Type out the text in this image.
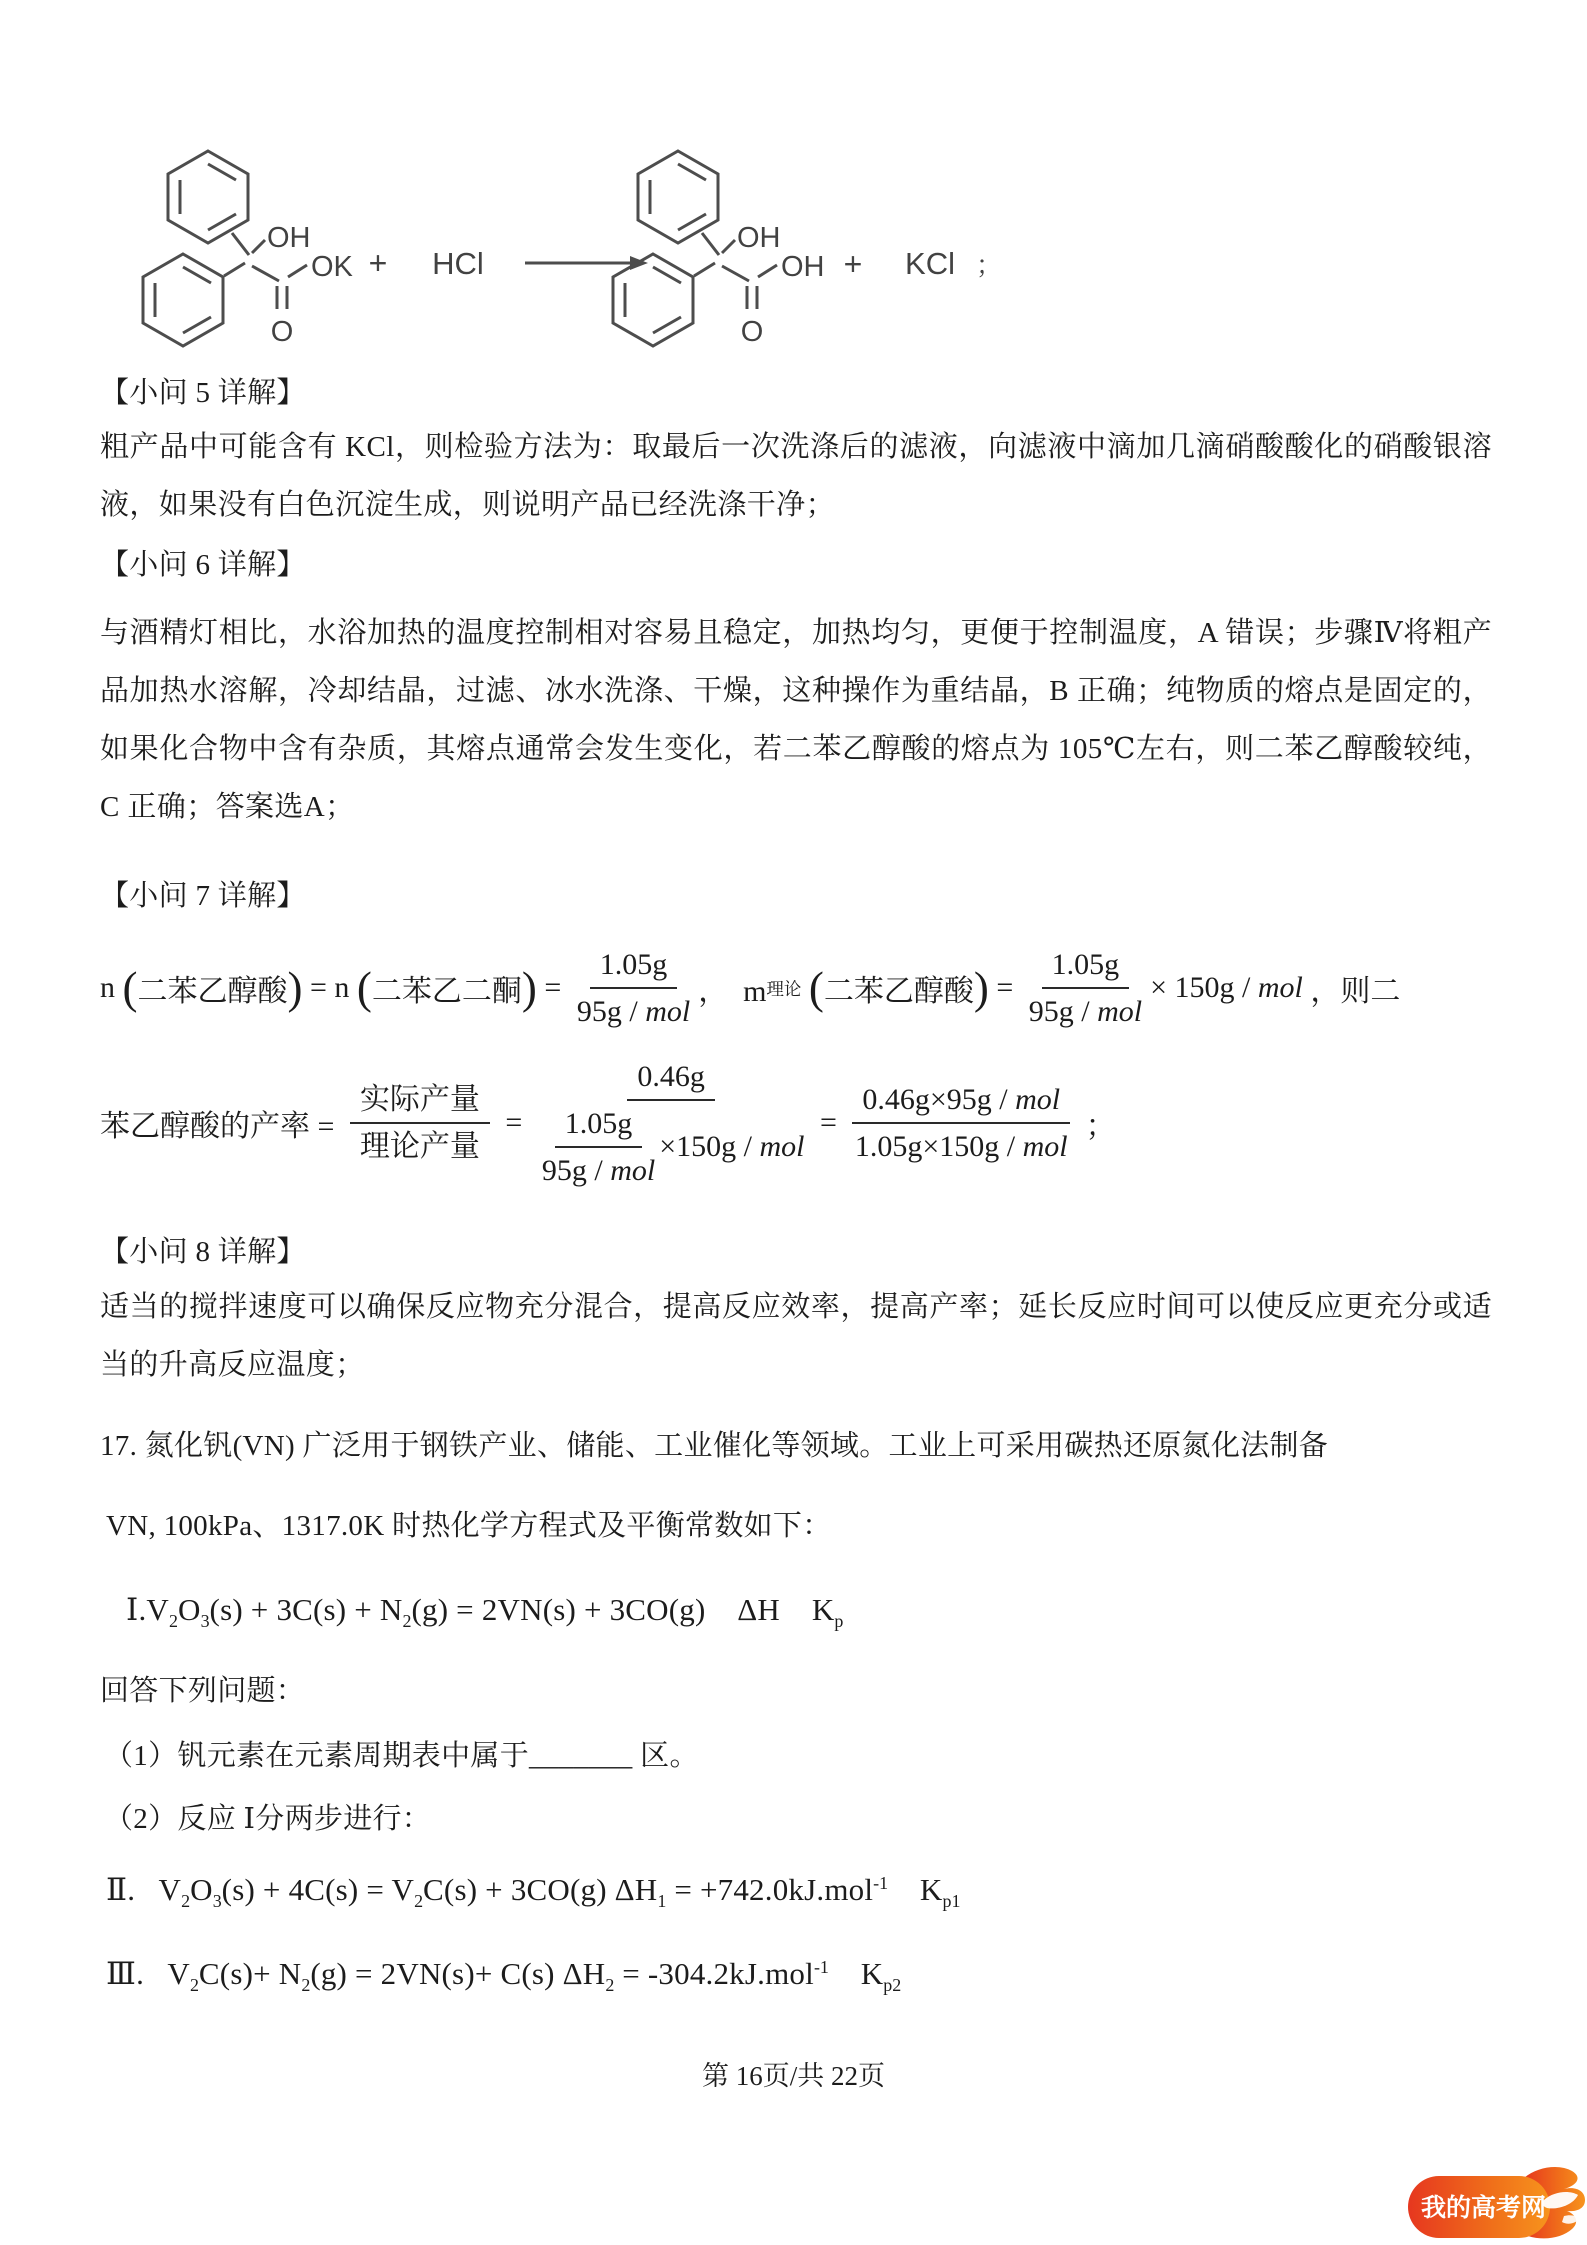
OH
O
OK + HCl
OH
O
OH + KCl ；
【小问 5 详解】
粗产品中可能含有 KCl，则检验方法为：取最后一次洗涤后的滤液，向滤液中滴加几滴硝酸酸化的硝酸银溶液，如果没有白色沉淀生成，则说明产品已经洗涤干净；
【小问 6 详解】
与酒精灯相比，水浴加热的温度控制相对容易且稳定，加热均匀，更便于控制温度，A 错误；步骤Ⅳ将粗产品加热水溶解，冷却结晶，过滤、冰水洗涤、干燥，这种操作为重结晶，B 正确；纯物质的熔点是固定的，如果化合物中含有杂质，其熔点通常会发生变化，若二苯乙醇酸的熔点为 105℃左右，则二苯乙醇酸较纯，C 正确；答案选A；
【小问 7 详解】
n ( 二苯乙醇酸 ) = n ( 二苯乙二酮 ) = $\frac{1.05g}{\text{95g / mol}}$ ，  m 理论
( 二苯乙醇酸 ) = $\frac{1.05g}{\text{95g / mol}} \times 150g$ / mol ，则二
苯乙醇酸的产率 = $\frac{\text{实际产量}}{\text{理论产量}} = \frac{0.46g}{\frac{1.05g}{\text{95g / mol}} \times 150g / mol} = \frac{\text{0.46g×95g / mol}}{\text{1.05g×150g / mol}}$ ；
【小问 8 详解】
适当的搅拌速度可以确保反应物充分混合，提高反应效率，提高产率；延长反应时间可以使反应更充分或适当的升高反应温度；
17. 氮化钒(VN) 广泛用于钢铁产业、储能、工业催化等领域。工业上可采用碳热还原氮化法制备
VN, 100kPa、1317.0K 时热化学方程式及平衡常数如下：
$Ⅰ.V_2O_3(s) + 3C(s) + N_2(g) = 2VN(s) + 3CO(g)$    ΔH    $K_p$
回答下列问题：
（1）钒元素在元素周期表中属于_______ 区。
（2）反应 Ⅰ分两步进行：
Ⅱ.   $V_2O_3(s) + 4C(s) = V_2C(s) + 3CO(g) \Delta H_1 = +742.0kJ.mol^{-1}$    $K_{p1}$
Ⅲ.   $V_2C(s)+ N_2(g) = 2VN(s)+ C(s) \Delta H_2 = -304.2kJ.mol^{-1}$    $K_{p2}$
第 16页/共 22页
我的高考网
